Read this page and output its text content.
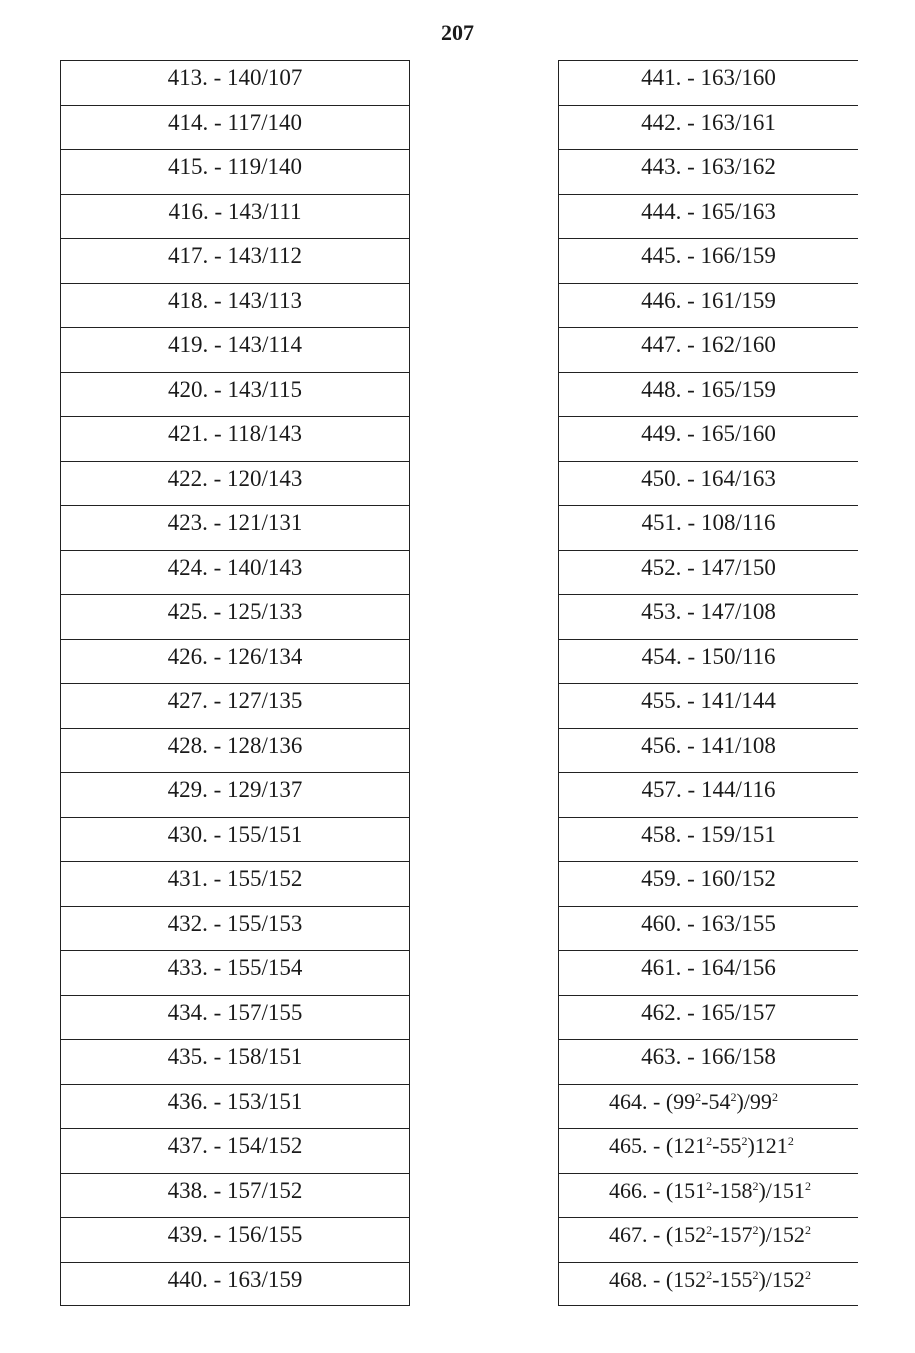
207
413. - 140/107
414. - 117/140
415. - 119/140
416. - 143/111
417. - 143/112
418. - 143/113
419. - 143/114
420. - 143/115
421. - 118/143
422. - 120/143
423. - 121/131
424. - 140/143
425. - 125/133
426. - 126/134
427. - 127/135
428. - 128/136
429. - 129/137
430. - 155/151
431. - 155/152
432. - 155/153
433. - 155/154
434. - 157/155
435. - 158/151
436. - 153/151
437. - 154/152
438. - 157/152
439. - 156/155
440. - 163/159
441. - 163/160
442. - 163/161
443. - 163/162
444. - 165/163
445. - 166/159
446. - 161/159
447. - 162/160
448. - 165/159
449. - 165/160
450. - 164/163
451. - 108/116
452. - 147/150
453. - 147/108
454. - 150/116
455. - 141/144
456. - 141/108
457. - 144/116
458. - 159/151
459. - 160/152
460. - 163/155
461. - 164/156
462. - 165/157
463. - 166/158
464. - $(99^2-54^2)/99^2$
465. - $(121^2-55^2)121^2$
466. - $(151^2-158^2)/151^2$
467. - $(152^2-157^2)/152^2$
468. - $(152^2-155^2)/152^2$
